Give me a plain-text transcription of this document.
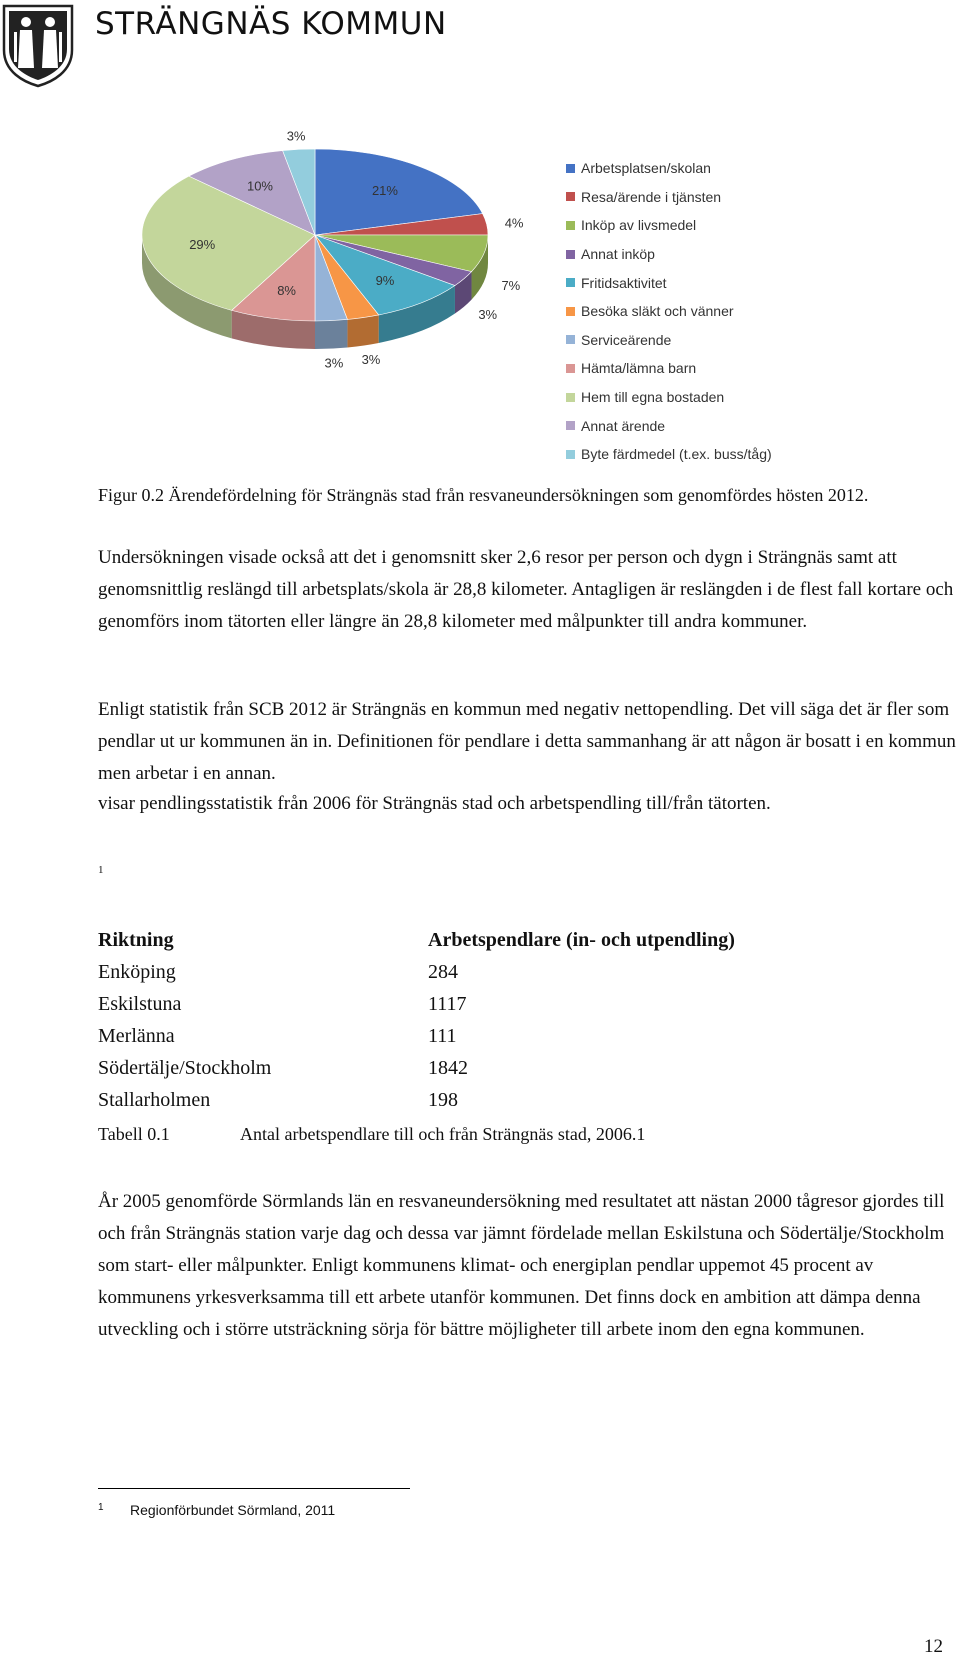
STRÄNGNÄS KOMMUN
21%
4%
7%
3%
9%
3%
3%
8%
29%
10%
3%
Arbetsplatsen/skolan
Resa/ärende i tjänsten
Inköp av livsmedel
Annat inköp
Fritidsaktivitet
Besöka släkt och vänner
Serviceärende
Hämta/lämna barn
Hem till egna bostaden
Annat ärende
Byte färdmedel (t.ex. buss/tåg)
Figur 0.2 Ärendefördelning för Strängnäs stad från resvaneundersökningen som genomfördes hösten 2012.

Undersökningen visade också att det i genomsnitt sker 2,6 resor per person och dygn i Strängnäs samt att genomsnittlig reslängd till arbetsplats/skola är 28,8 kilometer. Antagligen är reslängden i de flest fall kortare och genomförs inom tätorten eller längre än 28,8 kilometer med målpunkter till andra kommuner.

Enligt statistik från SCB 2012 är Strängnäs en kommun med negativ nettopendling. Det vill säga det är fler som pendlar ut ur kommunen än in. Definitionen för pendlare i detta sammanhang är att någon är bosatt i en kommun men arbetar i en annan.

visar pendlingsstatistik från 2006 för Strängnäs stad och arbetspendling till/från tätorten.

1
Riktning	Arbetspendlare (in- och utpendling)
Enköping	284
Eskilstuna	1117
Merlänna	111
Södertälje/Stockholm	1842
Stallarholmen	198
Tabell 0.1	Antal arbetspendlare till och från Strängnäs stad, 2006.1

År 2005 genomförde Sörmlands län en resvaneundersökning med resultatet att nästan 2000 tågresor gjordes till och från Strängnäs station varje dag och dessa var jämnt fördelade mellan Eskilstuna och Södertälje/Stockholm som start- eller målpunkter. Enligt kommunens klimat- och energiplan pendlar uppemot 45 procent av kommunens yrkesverksamma till ett arbete utanför kommunen. Det finns dock en ambition att dämpa denna utveckling och i större utsträckning sörja för bättre möjligheter till arbete inom den egna kommunen.

1 Regionförbundet Sörmland, 2011
12
